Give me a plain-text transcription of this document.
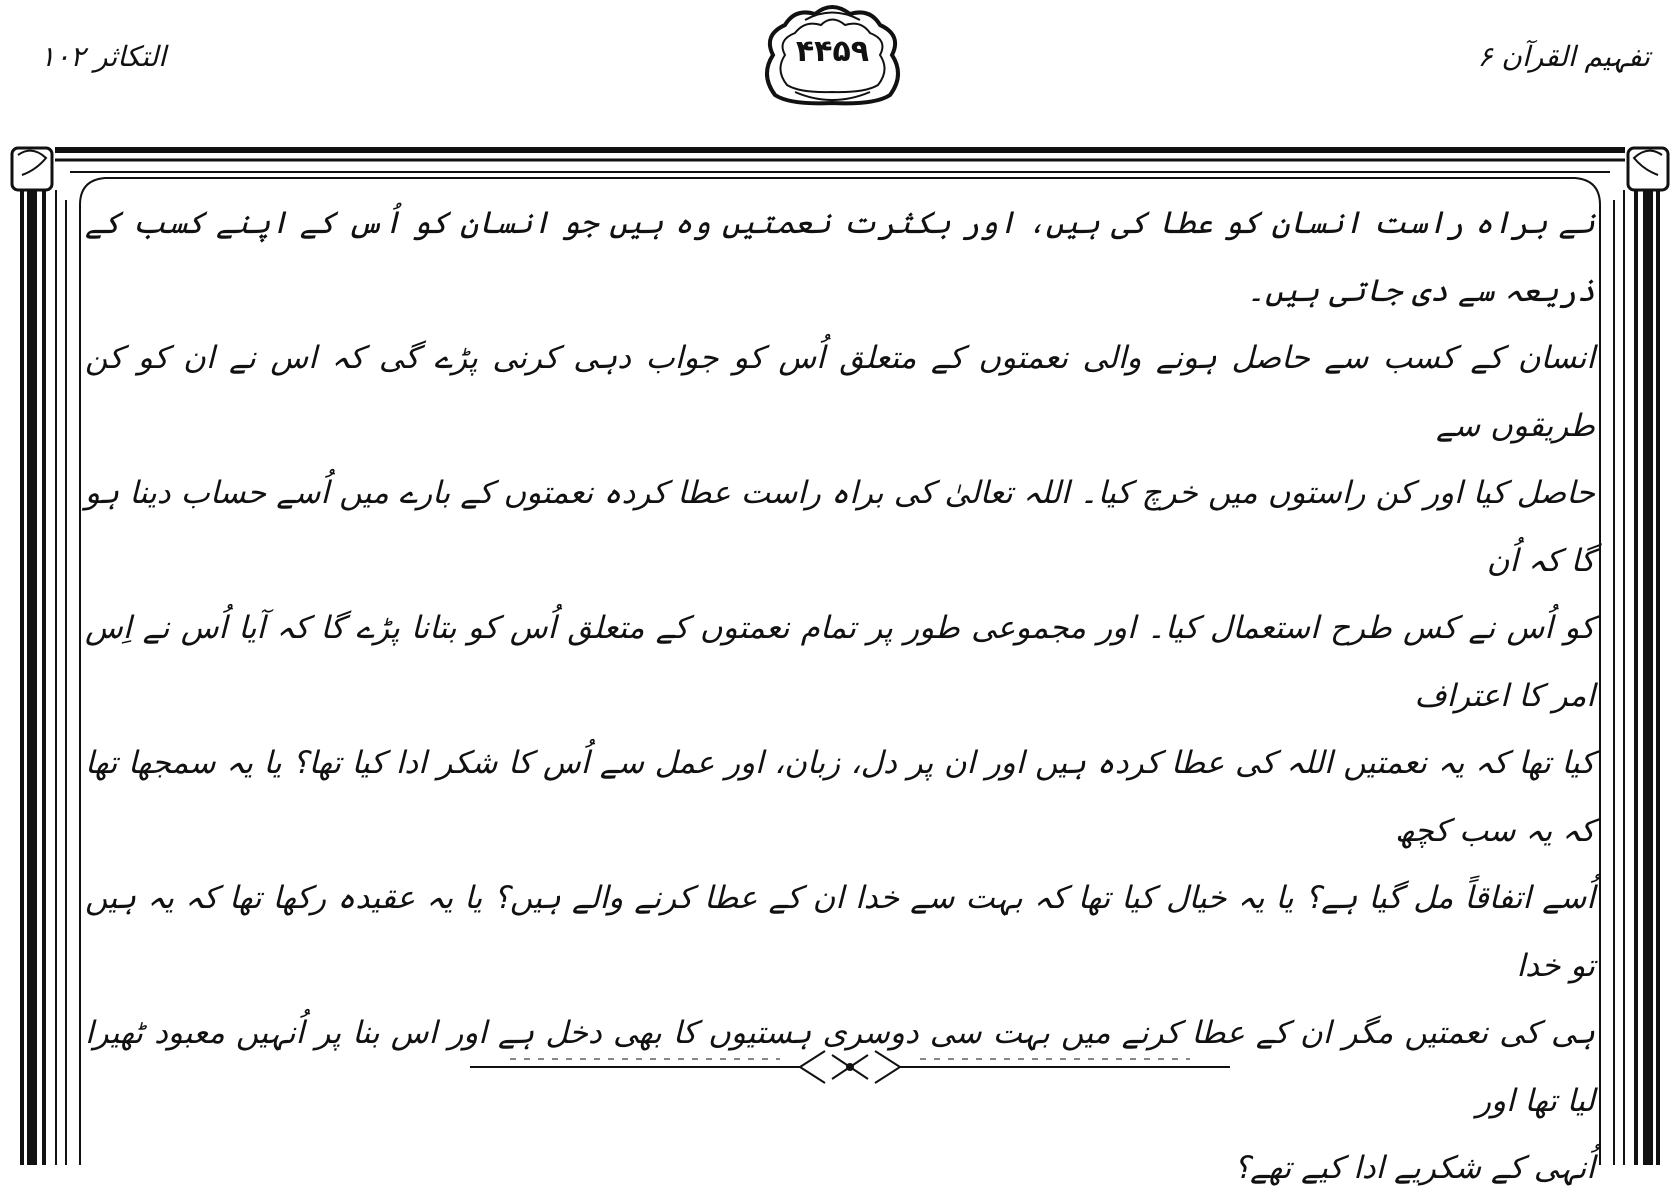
التکاثر ۱۰۲	تفہیم القرآن ۶
۴۴۵۹
نے براہ راست انسان کو عطا کی ہیں، اور بکثرت نعمتیں وہ ہیں جو انسان کو اُس کے اپنے کسب کے ذریعہ سے دی جاتی ہیں۔
انسان کے کسب سے حاصل ہونے والی نعمتوں کے متعلق اُس کو جواب دہی کرنی پڑے گی کہ اس نے ان کو کن طریقوں سے
حاصل کیا اور کن راستوں میں خرچ کیا۔ اللہ تعالیٰ کی براہ راست عطا کردہ نعمتوں کے بارے میں اُسے حساب دینا ہو گا کہ اُن
کو اُس نے کس طرح استعمال کیا۔ اور مجموعی طور پر تمام نعمتوں کے متعلق اُس کو بتانا پڑے گا کہ آیا اُس نے اِس امر کا اعتراف
کیا تھا کہ یہ نعمتیں اللہ کی عطا کردہ ہیں اور ان پر دل، زبان، اور عمل سے اُس کا شکر ادا کیا تھا؟ یا یہ سمجھا تھا کہ یہ سب کچھ
اُسے اتفاقاً مل گیا ہے؟ یا یہ خیال کیا تھا کہ بہت سے خدا ان کے عطا کرنے والے ہیں؟ یا یہ عقیدہ رکھا تھا کہ یہ ہیں تو خدا
ہی کی نعمتیں مگر ان کے عطا کرنے میں بہت سی دوسری ہستیوں کا بھی دخل ہے اور اس بنا پر اُنہیں معبود ٹھیرا لیا تھا اور
اُنہی کے شکریے ادا کیے تھے؟
